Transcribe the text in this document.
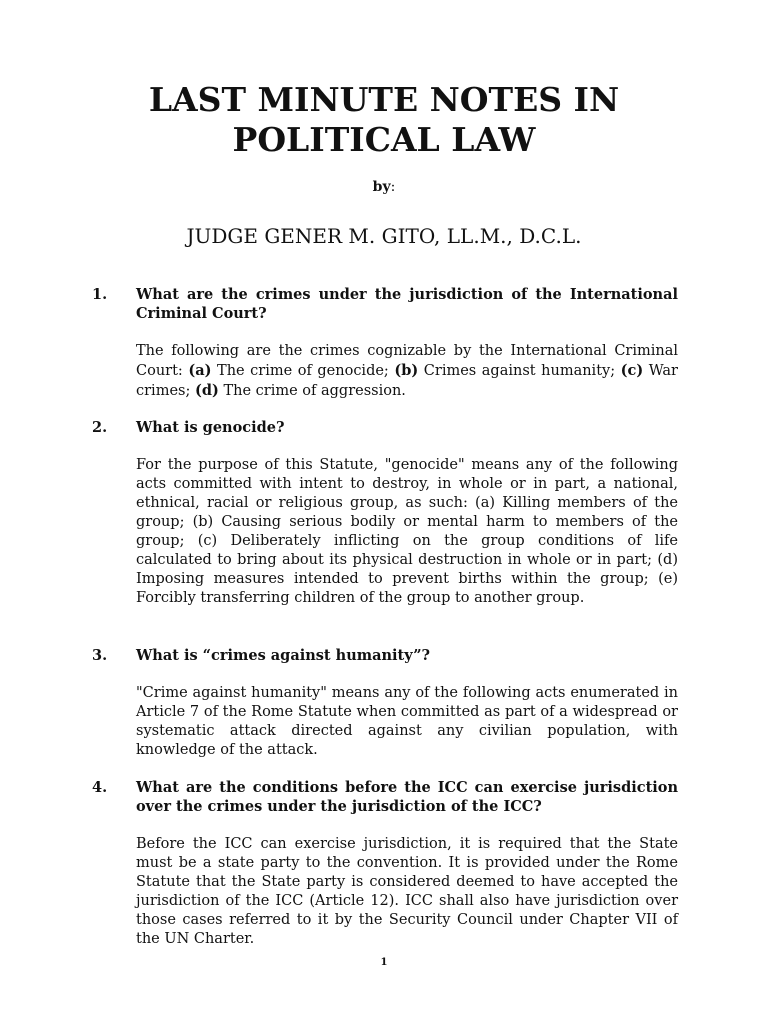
LAST MINUTE NOTES IN
POLITICAL LAW
by:
JUDGE GENER M. GITO, LL.M., D.C.L.
1.	What are the crimes under the jurisdiction of the International Criminal Court?
The following are the crimes cognizable by the International Criminal Court: (a) The crime of genocide; (b) Crimes against humanity; (c) War crimes; (d) The crime of aggression.
2.	What is genocide?
For the purpose of this Statute, "genocide" means any of the following acts committed with intent to destroy, in whole or in part, a national, ethnical, racial or religious group, as such: (a) Killing members of the group; (b) Causing serious bodily or mental harm to members of the group; (c) Deliberately inflicting on the group conditions of life calculated to bring about its physical destruction in whole or in part; (d) Imposing measures intended to prevent births within the group; (e) Forcibly transferring children of the group to another group.
3.	What is “crimes against humanity”?
"Crime against humanity" means any of the following acts enumerated in Article 7 of the Rome Statute when committed as part of a widespread or systematic attack directed against any civilian population, with knowledge of the attack.
4.	What are the conditions before the ICC can exercise jurisdiction over the crimes under the jurisdiction of the ICC?
Before the ICC can exercise jurisdiction, it is required that the State must be a state party to the convention. It is provided under the Rome Statute that the State party is considered deemed to have accepted the jurisdiction of the ICC (Article 12). ICC shall also have jurisdiction over those cases referred to it by the Security Council under Chapter VII of the UN Charter.
1
